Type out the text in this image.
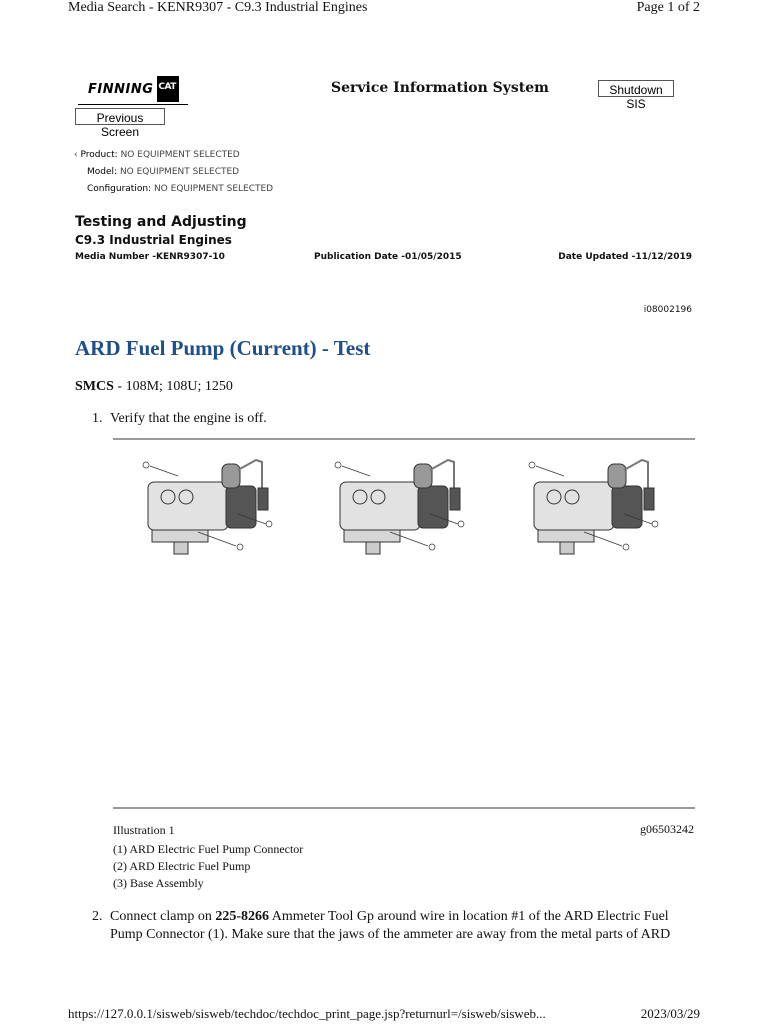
Media Search - KENR9307 - C9.3 Industrial Engines	Page 1 of 2
FINNING CAT	Service Information System	Shutdown SIS
Previous Screen
‹ Product: NO EQUIPMENT SELECTED
Model: NO EQUIPMENT SELECTED
Configuration: NO EQUIPMENT SELECTED
Testing and Adjusting
C9.3 Industrial Engines
Media Number -KENR9307-10	Publication Date -01/05/2015	Date Updated -11/12/2019
i08002196
ARD Fuel Pump (Current) - Test
SMCS - 108M; 108U; 1250
1. Verify that the engine is off.
Illustration 1	g06503242
(1) ARD Electric Fuel Pump Connector
(2) ARD Electric Fuel Pump
(3) Base Assembly
2. Connect clamp on 225-8266 Ammeter Tool Gp around wire in location #1 of the ARD Electric Fuel
Pump Connector (1). Make sure that the jaws of the ammeter are away from the metal parts of ARD
https://127.0.0.1/sisweb/sisweb/techdoc/techdoc_print_page.jsp?returnurl=/sisweb/sisweb...	2023/03/29
